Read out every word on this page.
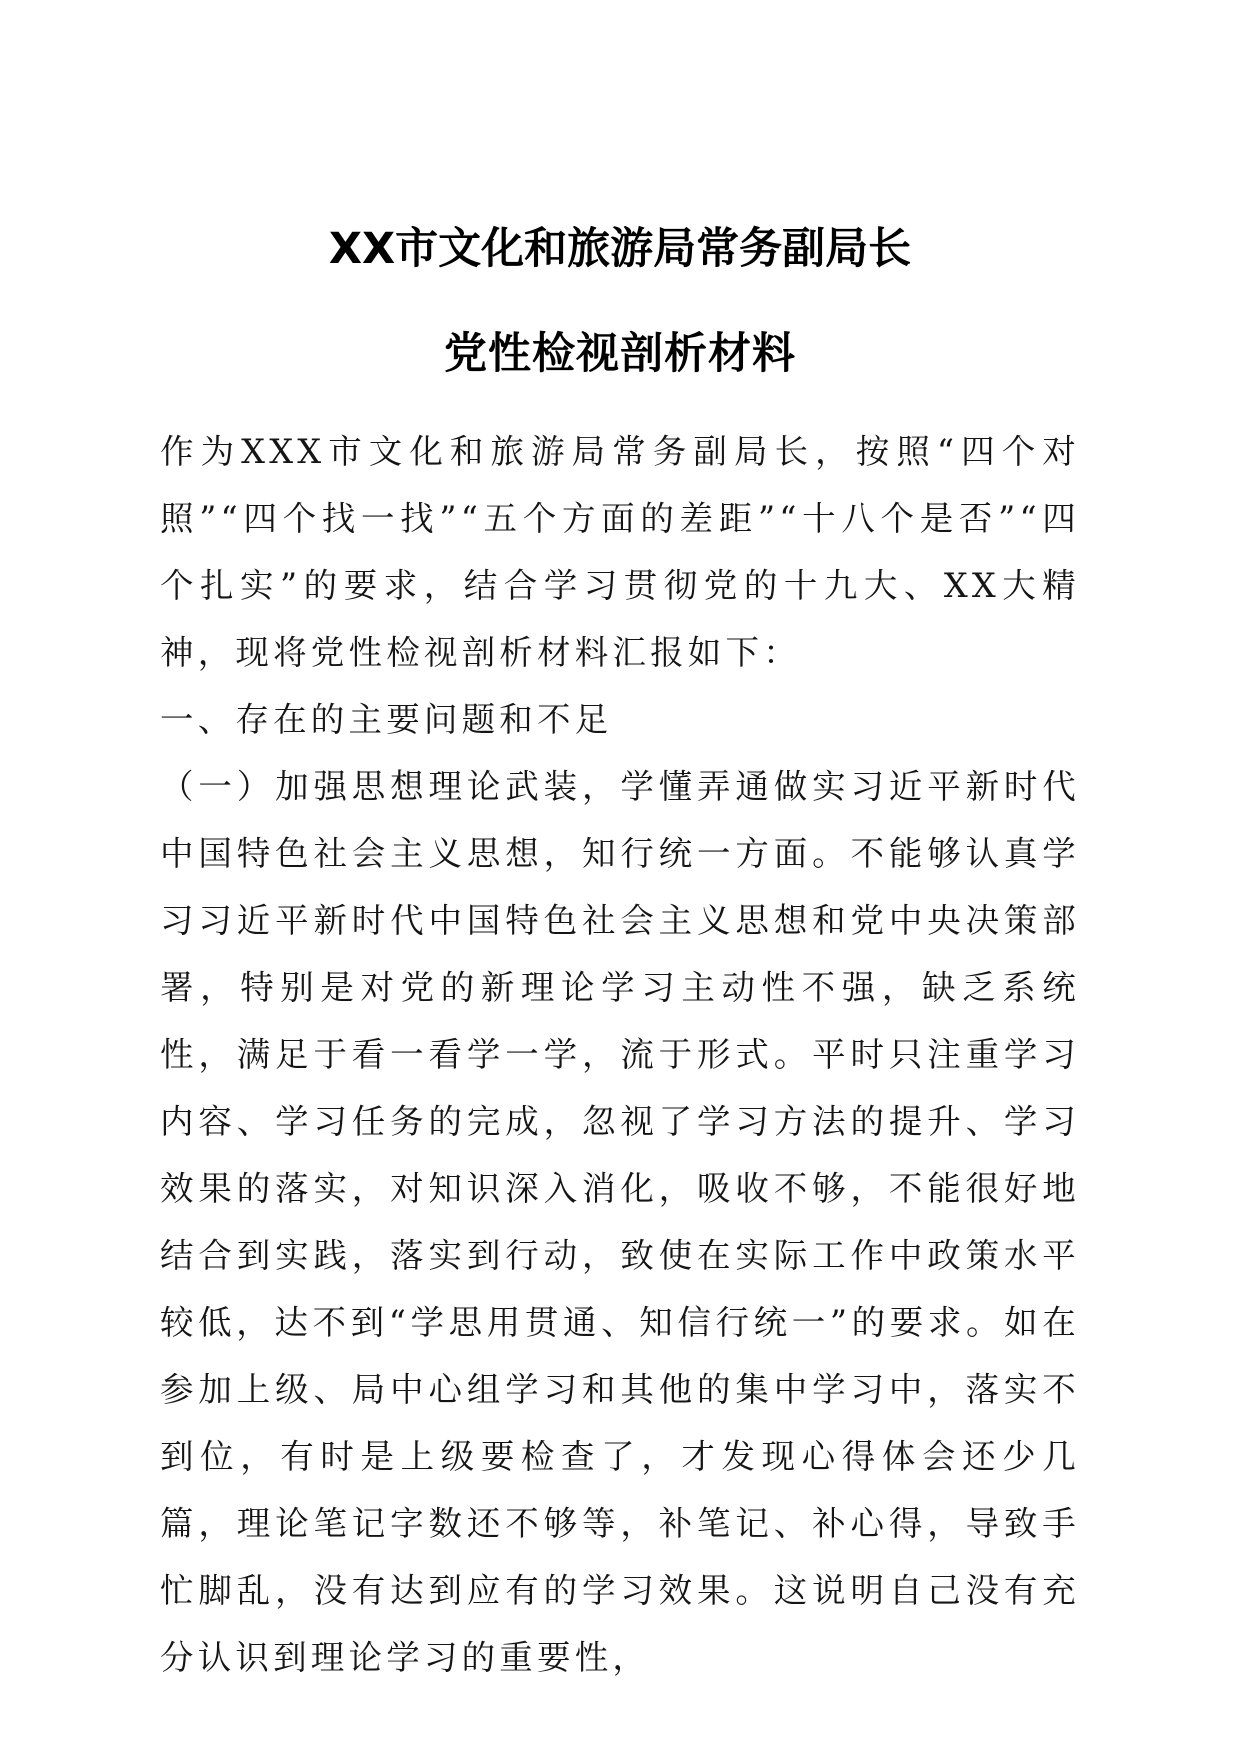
XX市文化和旅游局常务副局长
党性检视剖析材料

作为XXX市文化和旅游局常务副局长，按照“四个对照”“四个找一找”“五个方面的差距”“十八个是否”“四个扎实”的要求，结合学习贯彻党的十九大、XX大精神，现将党性检视剖析材料汇报如下：

一、存在的主要问题和不足

（一）加强思想理论武装，学懂弄通做实习近平新时代中国特色社会主义思想，知行统一方面。不能够认真学习习近平新时代中国特色社会主义思想和党中央决策部署，特别是对党的新理论学习主动性不强，缺乏系统性，满足于看一看学一学，流于形式。平时只注重学习内容、学习任务的完成，忽视了学习方法的提升、学习效果的落实，对知识深入消化，吸收不够，不能很好地结合到实践，落实到行动，致使在实际工作中政策水平较低，达不到“学思用贯通、知信行统一”的要求。如在参加上级、局中心组学习和其他的集中学习中，落实不到位，有时是上级要检查了，才发现心得体会还少几篇，理论笔记字数还不够等，补笔记、补心得，导致手忙脚乱，没有达到应有的学习效果。这说明自己没有充分认识到理论学习的重要性，
